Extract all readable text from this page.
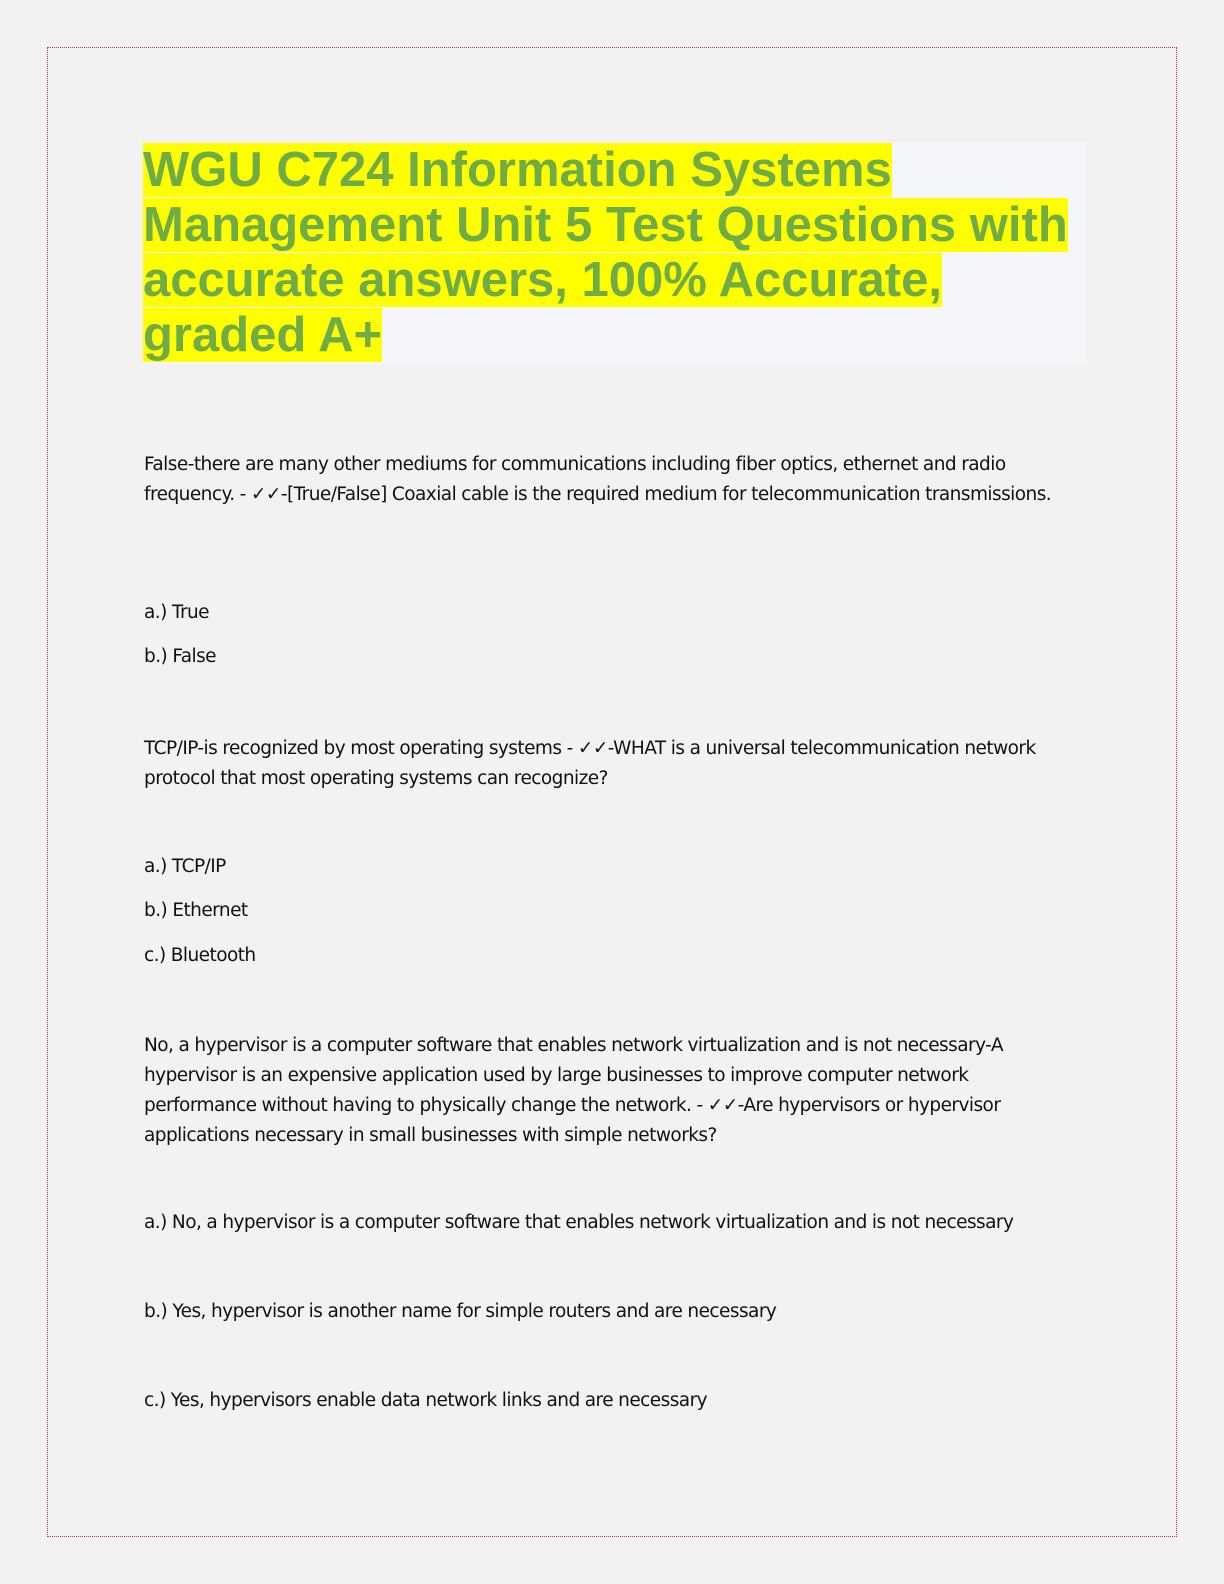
WGU C724 Information Systems Management Unit 5 Test Questions with accurate answers, 100% Accurate, graded A+

False-there are many other mediums for communications including fiber optics, ethernet and radio frequency. - ✓✓-[True/False] Coaxial cable is the required medium for telecommunication transmissions.

a.) True

b.) False

TCP/IP-is recognized by most operating systems - ✓✓-WHAT is a universal telecommunication network protocol that most operating systems can recognize?

a.) TCP/IP

b.) Ethernet

c.) Bluetooth

No, a hypervisor is a computer software that enables network virtualization and is not necessary-A hypervisor is an expensive application used by large businesses to improve computer network performance without having to physically change the network. - ✓✓-Are hypervisors or hypervisor applications necessary in small businesses with simple networks?

a.) No, a hypervisor is a computer software that enables network virtualization and is not necessary

b.) Yes, hypervisor is another name for simple routers and are necessary

c.) Yes, hypervisors enable data network links and are necessary
